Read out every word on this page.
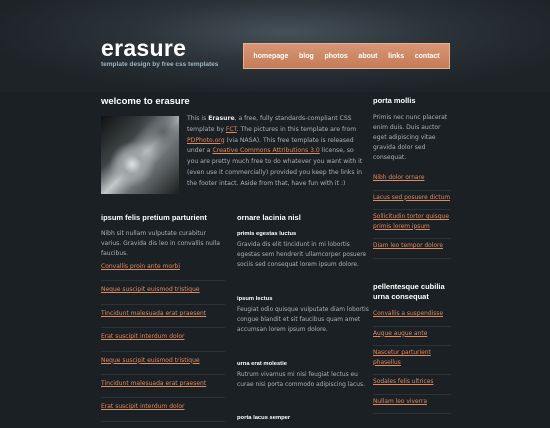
erasure
template design by free css templates
homepage blog photos about links contact
welcome to erasure
This is Erasure, a free, fully standards-compliant CSS template by FCT. The pictures in this template are from PDPhoto.org (via NASA). This free template is released under a Creative Commons Attributions 3.0 license, so you are pretty much free to do whatever you want with it (even use it commercially) provided you keep the links in the footer intact. Aside from that, have fun with it :)
ipsum felis pretium parturient
Nibh sit nullam vulputate curabitur varius. Gravida dis leo in convallis nulla faucibus.
Convallis proin ante morbi
Neque suscipit euismod tristique
Tincidunt malesuada erat praesent
Erat suscipit interdum dolor
Neque suscipit euismod tristique
Tincidunt malesuada erat praesent
Erat suscipit interdum dolor
ornare lacinia nisl
primis egestas luctus

Gravida dis elit tincidunt in mi lobortis egestas sem hendrerit ullamcorper posuere sociis sed consequat lorem ipsum dolore.

ipsum lectus

Feugiat odio quisque vulputate diam lobortis congue blandit et sit faucibus quam amet accumsan lorem ipsum dolore.

urna erat molestie

Rutrum vivamus mi nisi feugiat lectus eu curae nisi porta commodo adipiscing lacus.

porta lacus semper
porta mollis
Primis nec nunc placerat enim duis. Duis auctor eget adipiscing vitae gravida dolor sed consequat.
Nibh dolor ornare
Lacus sed posuere dictum
Sollicitudin tortor quisque primis lorem ipsum
Diam leo tempor dolore
pellentesque cubilia urna consequat
Convallis a suspendisse
Augue augue ante
Nascetur parturient phasellus
Sodales felis ultrices
Nullam leo viverra
